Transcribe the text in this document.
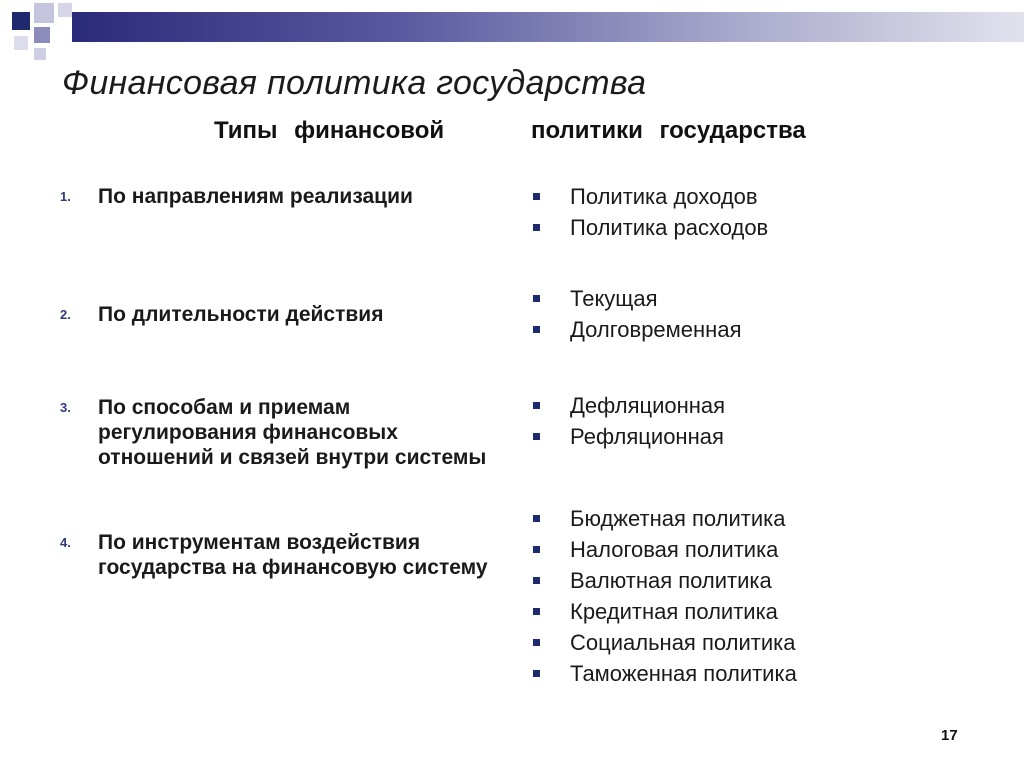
Финансовая политика государства
Типы финансовой	политики государства
1. По направлениям реализации
2. По длительности действия
3. По способам и приемам регулирования финансовых отношений и связей внутри системы
4. По инструментам воздействия государства на финансовую систему
Политика доходов
Политика расходов
Текущая
Долговременная
Дефляционная
Рефляционная
Бюджетная политика
Налоговая политика
Валютная политика
Кредитная политика
Социальная политика
Таможенная политика
17
